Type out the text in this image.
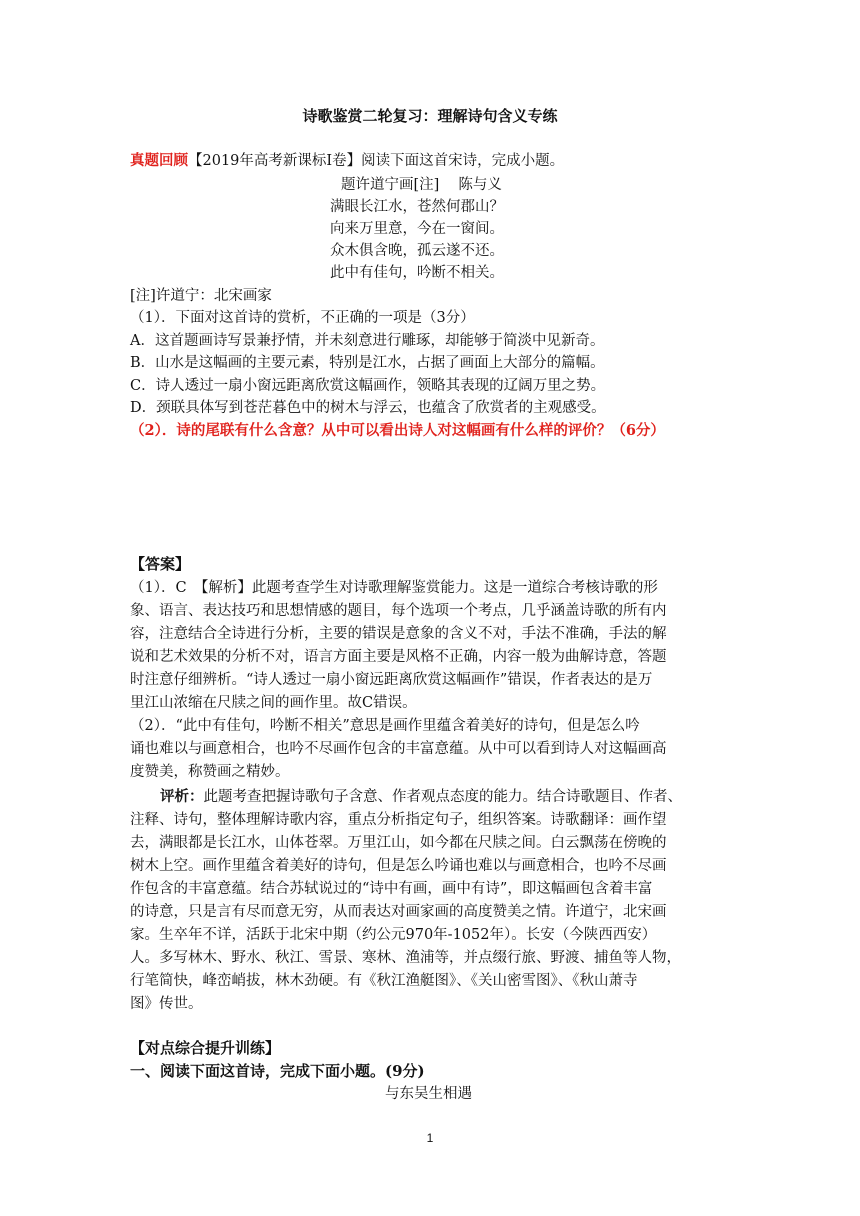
诗歌鉴赏二轮复习：理解诗句含义专练
真题回顾【2019年高考新课标Ⅰ卷】阅读下面这首宋诗，完成小题。
题许道宁画[注]　 陈与义
满眼长江水，苍然何郡山？
向来万里意，今在一窗间。
众木俱含晚，孤云遂不还。
此中有佳句，吟断不相关。
[注]许道宁：北宋画家
（1）．下面对这首诗的赏析，不正确的一项是（3分）
A．这首题画诗写景兼抒情，并未刻意进行雕琢，却能够于简淡中见新奇。
B．山水是这幅画的主要元素，特别是江水，占据了画面上大部分的篇幅。
C．诗人透过一扇小窗远距离欣赏这幅画作，领略其表现的辽阔万里之势。
D．颈联具体写到苍茫暮色中的树木与浮云，也蕴含了欣赏者的主观感受。
（2）．诗的尾联有什么含意？从中可以看出诗人对这幅画有什么样的评价？（6分）
【答案】
（1）．C　【解析】此题考查学生对诗歌理解鉴赏能力。这是一道综合考核诗歌的形
象、语言、表达技巧和思想情感的题目，每个选项一个考点，几乎涵盖诗歌的所有内
容，注意结合全诗进行分析，主要的错误是意象的含义不对，手法不准确，手法的解
说和艺术效果的分析不对，语言方面主要是风格不正确，内容一般为曲解诗意，答题
时注意仔细辨析。“诗人透过一扇小窗远距离欣赏这幅画作”错误，作者表达的是万
里江山浓缩在尺牍之间的画作里。故C错误。
（2）．“此中有佳句，吟断不相关”意思是画作里蕴含着美好的诗句，但是怎么吟
诵也难以与画意相合，也吟不尽画作包含的丰富意蕴。从中可以看到诗人对这幅画高
度赞美，称赞画之精妙。
评析：此题考查把握诗歌句子含意、作者观点态度的能力。结合诗歌题目、作者、
注释、诗句，整体理解诗歌内容，重点分析指定句子，组织答案。诗歌翻译：画作望
去，满眼都是长江水，山体苍翠。万里江山，如今都在尺牍之间。白云飘荡在傍晚的
树木上空。画作里蕴含着美好的诗句，但是怎么吟诵也难以与画意相合，也吟不尽画
作包含的丰富意蕴。结合苏轼说过的“诗中有画，画中有诗”，即这幅画包含着丰富
的诗意，只是言有尽而意无穷，从而表达对画家画的高度赞美之情。许道宁，北宋画
家。生卒年不详，活跃于北宋中期（约公元970年-1052年）。长安（今陕西西安）
人。多写林木、野水、秋江、雪景、寒林、渔浦等，并点缀行旅、野渡、捕鱼等人物，
行笔简快，峰峦峭拔，林木劲硬。有《秋江渔艇图》、《关山密雪图》、《秋山萧寺
图》传世。
【对点综合提升训练】
一、阅读下面这首诗，完成下面小题。(9分)
与东吴生相遇
1
